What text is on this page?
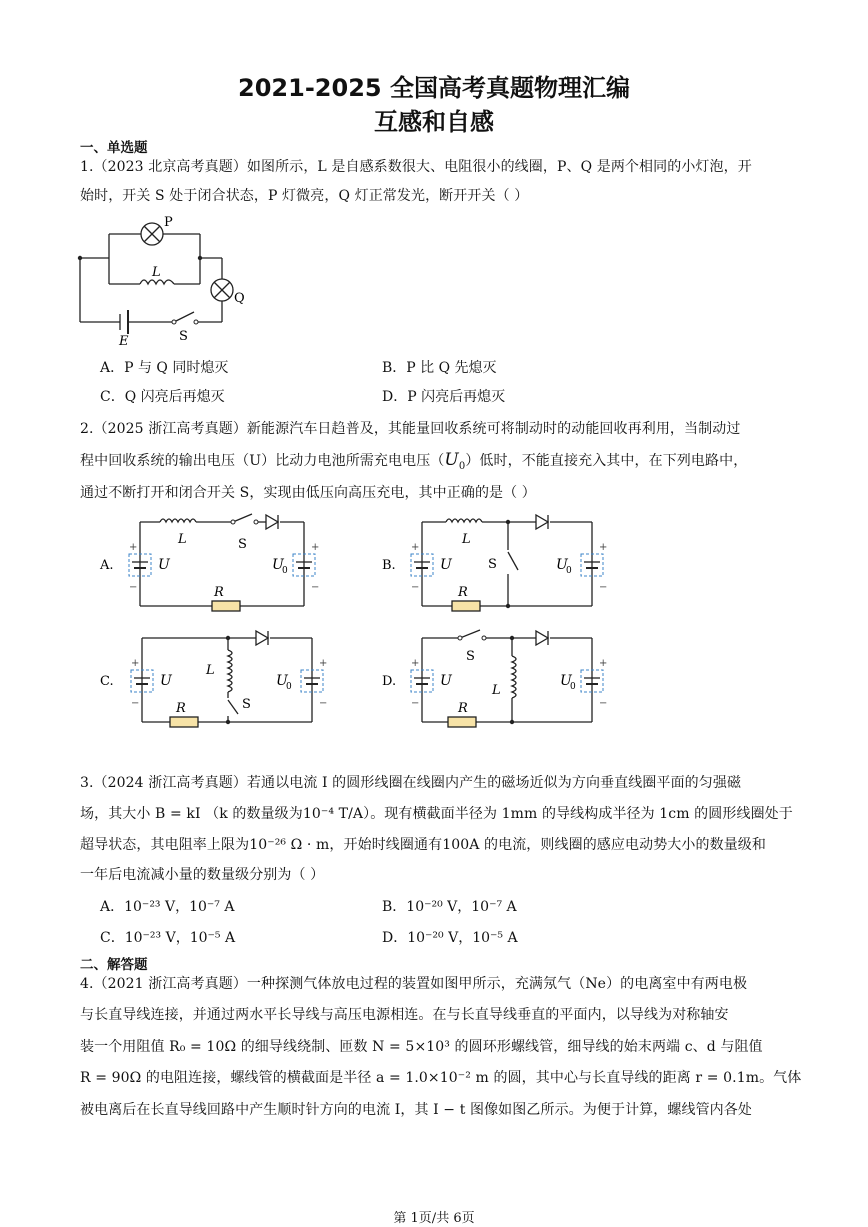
2021-2025 全国高考真题物理汇编
互感和自感
一、单选题
1.（2023 北京高考真题）如图所示，L 是自感系数很大、电阻很小的线圈，P、Q 是两个相同的小灯泡，开
始时，开关 S 处于闭合状态，P 灯微亮，Q 灯正常发光，断开开关（ ）
P
Q
L
S
E
A．P 与 Q 同时熄灭	B．P 比 Q 先熄灭
C．Q 闪亮后再熄灭	D．P 闪亮后再熄灭
2.（2025 浙江高考真题）新能源汽车日趋普及，其能量回收系统可将制动时的动能回收再利用，当制动过
程中回收系统的输出电压（U）比动力电池所需充电电压$(U_0)$低时，不能直接充入其中，在下列电路中，
通过不断打开和闭合开关 S，实现由低压向高压充电，其中正确的是（ ）
A.
L	S
R
U	U
0
+
−
+
−
B.
L
S
R
U	U
0
+
−
+
−
C.
L
S
R
U	U
0
+
−
+
−
D.
L
S
R
U	U
0
+
−
+
−
3.（2024 浙江高考真题）若通以电流 I 的圆形线圈在线圈内产生的磁场近似为方向垂直线圈平面的匀强磁
场，其大小 B = kI （k 的数量级为10⁻⁴ T/A）。现有横截面半径为 1mm 的导线构成半径为 1cm 的圆形线圈处于
超导状态，其电阻率上限为10⁻²⁶ Ω · m，开始时线圈通有100A 的电流，则线圈的感应电动势大小的数量级和
一年后电流减小量的数量级分别为（ ）
A．10⁻²³ V，10⁻⁷ A	B．10⁻²⁰ V，10⁻⁷ A
C．10⁻²³ V，10⁻⁵ A	D．10⁻²⁰ V，10⁻⁵ A
二、解答题
4.（2021 浙江高考真题）一种探测气体放电过程的装置如图甲所示，充满氖气（Ne）的电离室中有两电极
与长直导线连接，并通过两水平长导线与高压电源相连。在与长直导线垂直的平面内，以导线为对称轴安
装一个用阻值 R₀ = 10Ω 的细导线绕制、匝数 N = 5×10³ 的圆环形螺线管，细导线的始末两端 c、d 与阻值
R = 90Ω 的电阻连接，螺线管的横截面是半径 a = 1.0×10⁻² m 的圆，其中心与长直导线的距离 r = 0.1m。气体
被电离后在长直导线回路中产生顺时针方向的电流 I，其 I − t 图像如图乙所示。为便于计算，螺线管内各处
第 1页/共 6页
